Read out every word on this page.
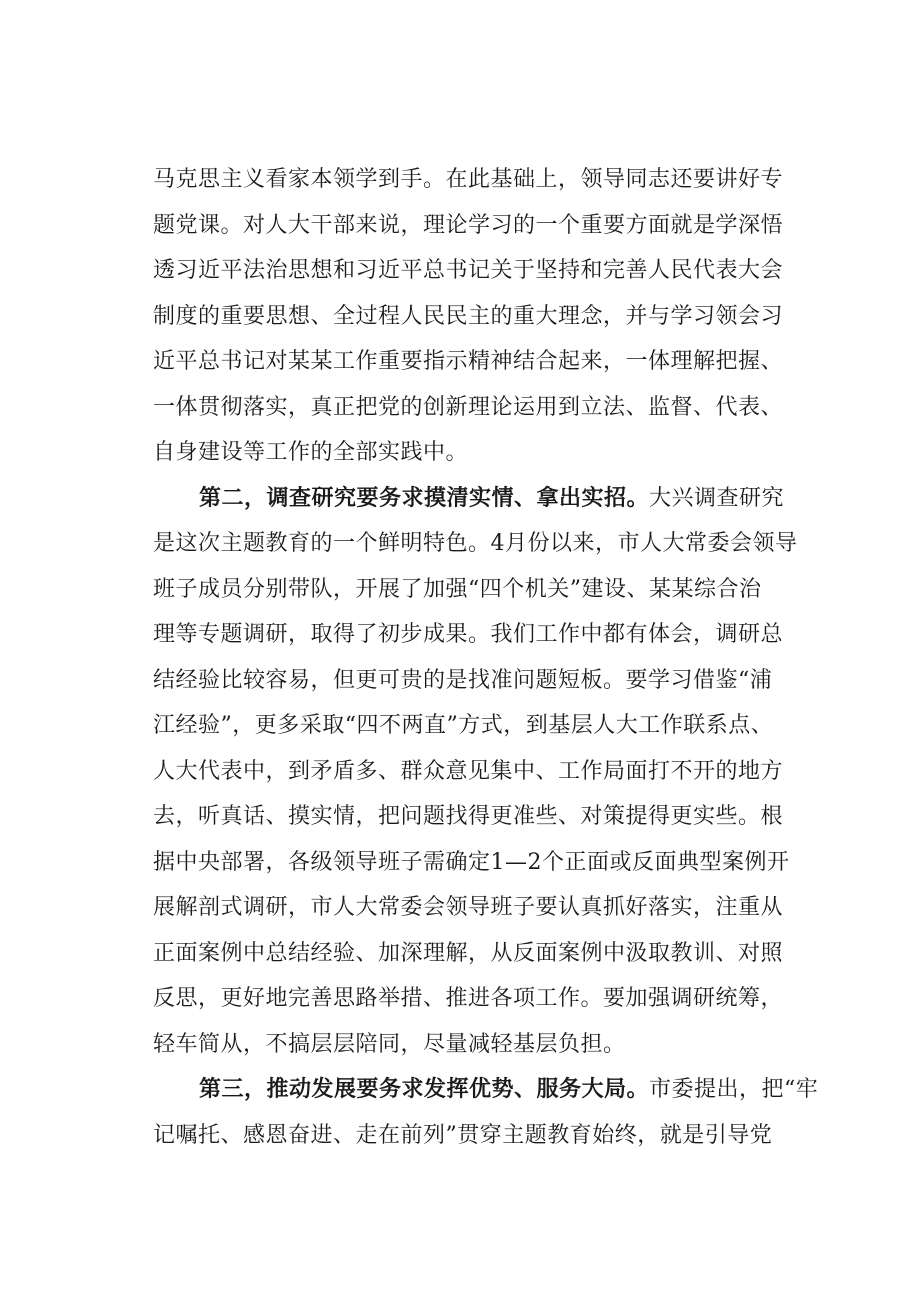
马克思主义看家本领学到手。在此基础上，领导同志还要讲好专
题党课。对人大干部来说，理论学习的一个重要方面就是学深悟
透习近平法治思想和习近平总书记关于坚持和完善人民代表大会
制度的重要思想、全过程人民民主的重大理念，并与学习领会习
近平总书记对某某工作重要指示精神结合起来，一体理解把握、
一体贯彻落实，真正把党的创新理论运用到立法、监督、代表、
自身建设等工作的全部实践中。
第二，调查研究要务求摸清实情、拿出实招。大兴调查研究
是这次主题教育的一个鲜明特色。4月份以来，市人大常委会领导
班子成员分别带队，开展了加强“四个机关”建设、某某综合治
理等专题调研，取得了初步成果。我们工作中都有体会，调研总
结经验比较容易，但更可贵的是找准问题短板。要学习借鉴“浦
江经验”，更多采取“四不两直”方式，到基层人大工作联系点、
人大代表中，到矛盾多、群众意见集中、工作局面打不开的地方
去，听真话、摸实情，把问题找得更准些、对策提得更实些。根
据中央部署，各级领导班子需确定1—2个正面或反面典型案例开
展解剖式调研，市人大常委会领导班子要认真抓好落实，注重从
正面案例中总结经验、加深理解，从反面案例中汲取教训、对照
反思，更好地完善思路举措、推进各项工作。要加强调研统筹，
轻车简从，不搞层层陪同，尽量减轻基层负担。
第三，推动发展要务求发挥优势、服务大局。市委提出，把“牢
记嘱托、感恩奋进、走在前列”贯穿主题教育始终，就是引导党
